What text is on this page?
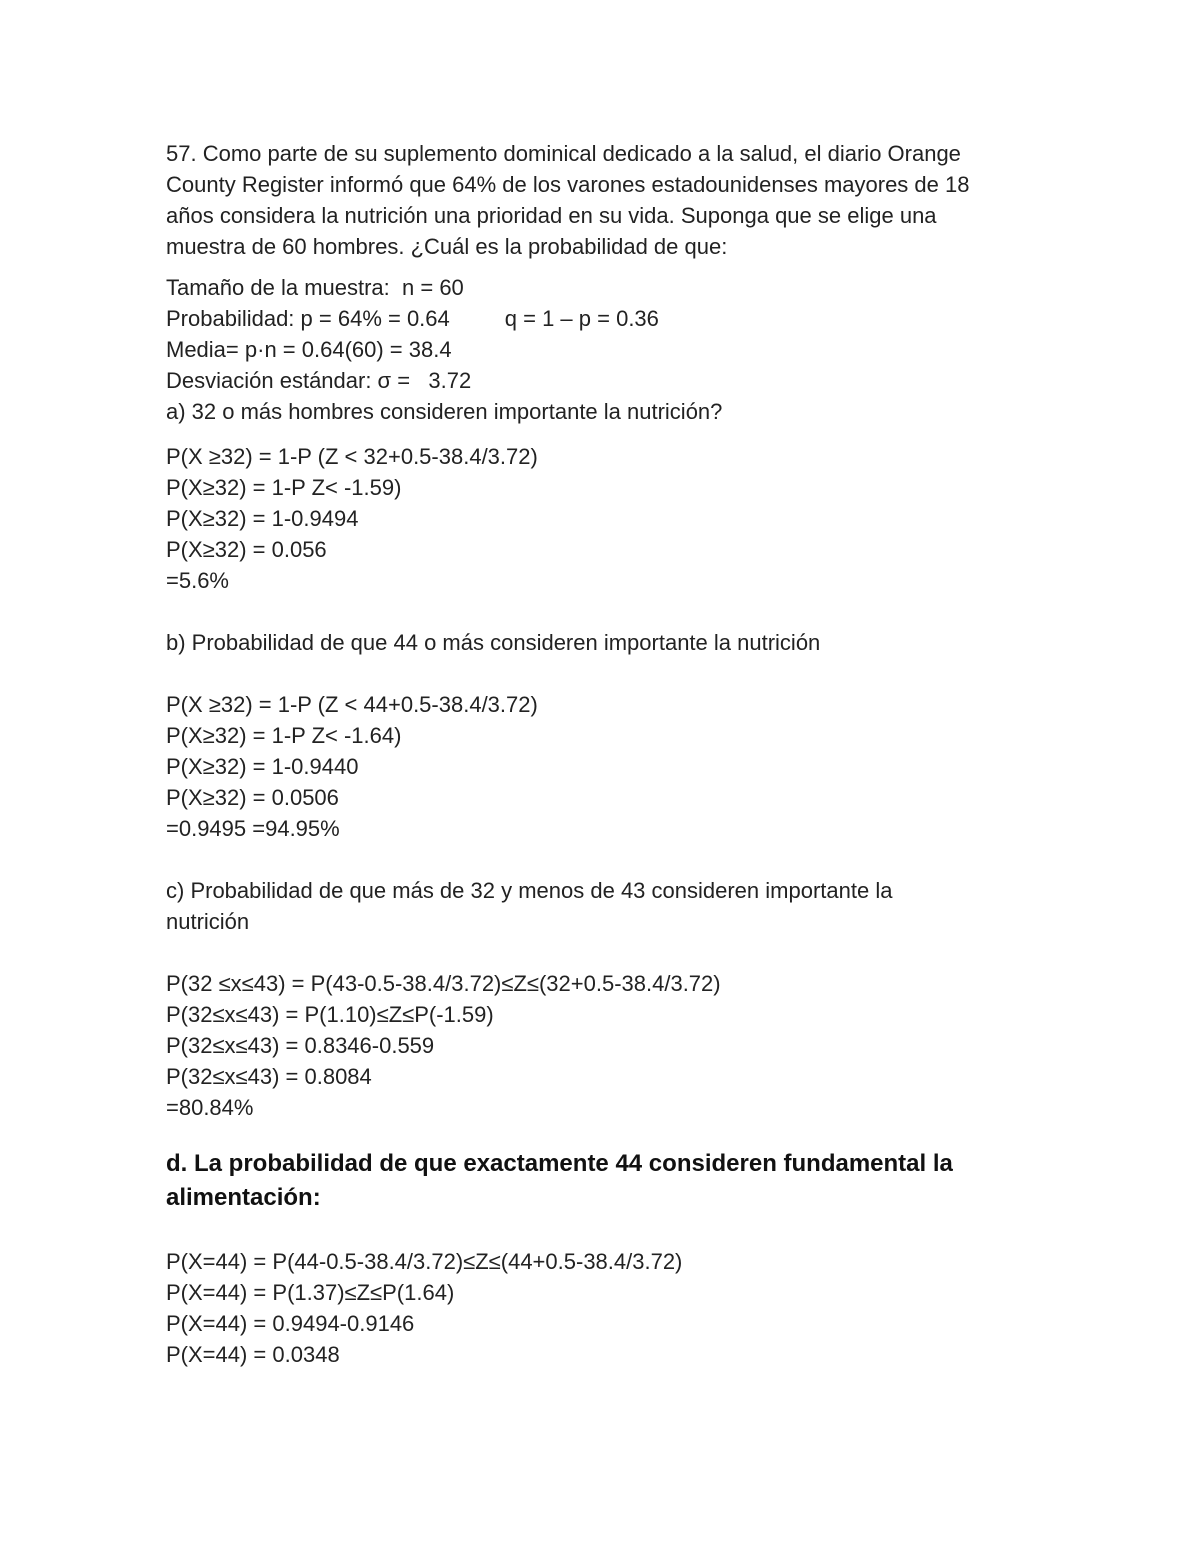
57. Como parte de su suplemento dominical dedicado a la salud, el diario Orange

County Register informó que 64% de los varones estadounidenses mayores de 18

años considera la nutrición una prioridad en su vida. Suponga que se elige una

muestra de 60 hombres. ¿Cuál es la probabilidad de que:

Tamaño de la muestra:  n = 60

Probabilidad: p = 64% = 0.64         q = 1 – p = 0.36

Media= p·n = 0.64(60) = 38.4

Desviación estándar: σ =   3.72

a) 32 o más hombres consideren importante la nutrición?

P(X ≥32) = 1-P (Z < 32+0.5-38.4/3.72)

P(X≥32) = 1-P Z< -1.59)

P(X≥32) = 1-0.9494

P(X≥32) = 0.056

=5.6%

b) Probabilidad de que 44 o más consideren importante la nutrición

P(X ≥32) = 1-P (Z < 44+0.5-38.4/3.72)

P(X≥32) = 1-P Z< -1.64)

P(X≥32) = 1-0.9440

P(X≥32) = 0.0506

=0.9495 =94.95%

c) Probabilidad de que más de 32 y menos de 43 consideren importante la

nutrición

P(32 ≤x≤43) = P(43-0.5-38.4/3.72)≤Z≤(32+0.5-38.4/3.72)

P(32≤x≤43) = P(1.10)≤Z≤P(-1.59)

P(32≤x≤43) = 0.8346-0.559

P(32≤x≤43) = 0.8084

=80.84%

d. La probabilidad de que exactamente 44 consideren fundamental la

alimentación:

P(X=44) = P(44-0.5-38.4/3.72)≤Z≤(44+0.5-38.4/3.72)

P(X=44) = P(1.37)≤Z≤P(1.64)

P(X=44) = 0.9494-0.9146

P(X=44) = 0.0348
